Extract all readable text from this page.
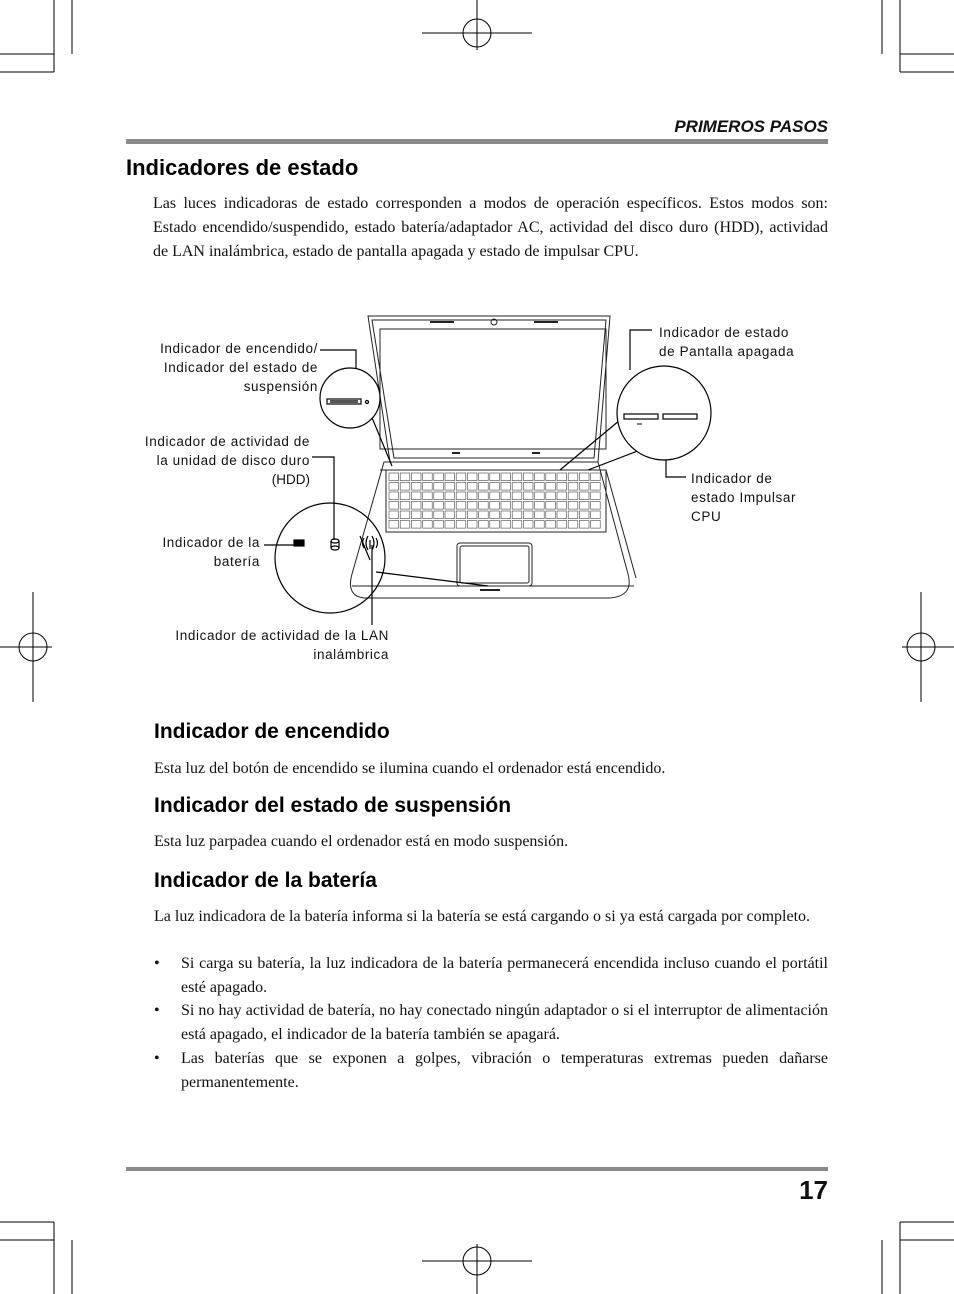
PRIMEROS PASOS
Indicadores de estado
Las luces indicadoras de estado corresponden a modos de operación específicos. Estos modos son: Estado encendido/suspendido, estado batería/adaptador AC, actividad del disco duro (HDD), actividad de LAN inalámbrica, estado de pantalla apagada y estado de impulsar CPU.
Indicador de encendido/
Indicador del estado de
suspensión
Indicador de actividad de
la unidad de disco duro
(HDD)
Indicador de la
batería
Indicador de actividad de la LAN
inalámbrica
Indicador de estado
de Pantalla apagada
Indicador de
estado Impulsar
CPU
Indicador de encendido
Esta luz del botón de encendido se ilumina cuando el ordenador está encendido.
Indicador del estado de suspensión
Esta luz parpadea cuando el ordenador está en modo suspensión.
Indicador de la batería
La luz indicadora de la batería informa si la batería se está cargando o si ya está cargada por completo.
• Si carga su batería, la luz indicadora de la batería permanecerá encendida incluso cuando el portátil esté apagado.
• Si no hay actividad de batería, no hay conectado ningún adaptador o si el interruptor de alimentación está apagado, el indicador de la batería también se apagará.
• Las baterías que se exponen a golpes, vibración o temperaturas extremas pueden dañarse permanentemente.
17
